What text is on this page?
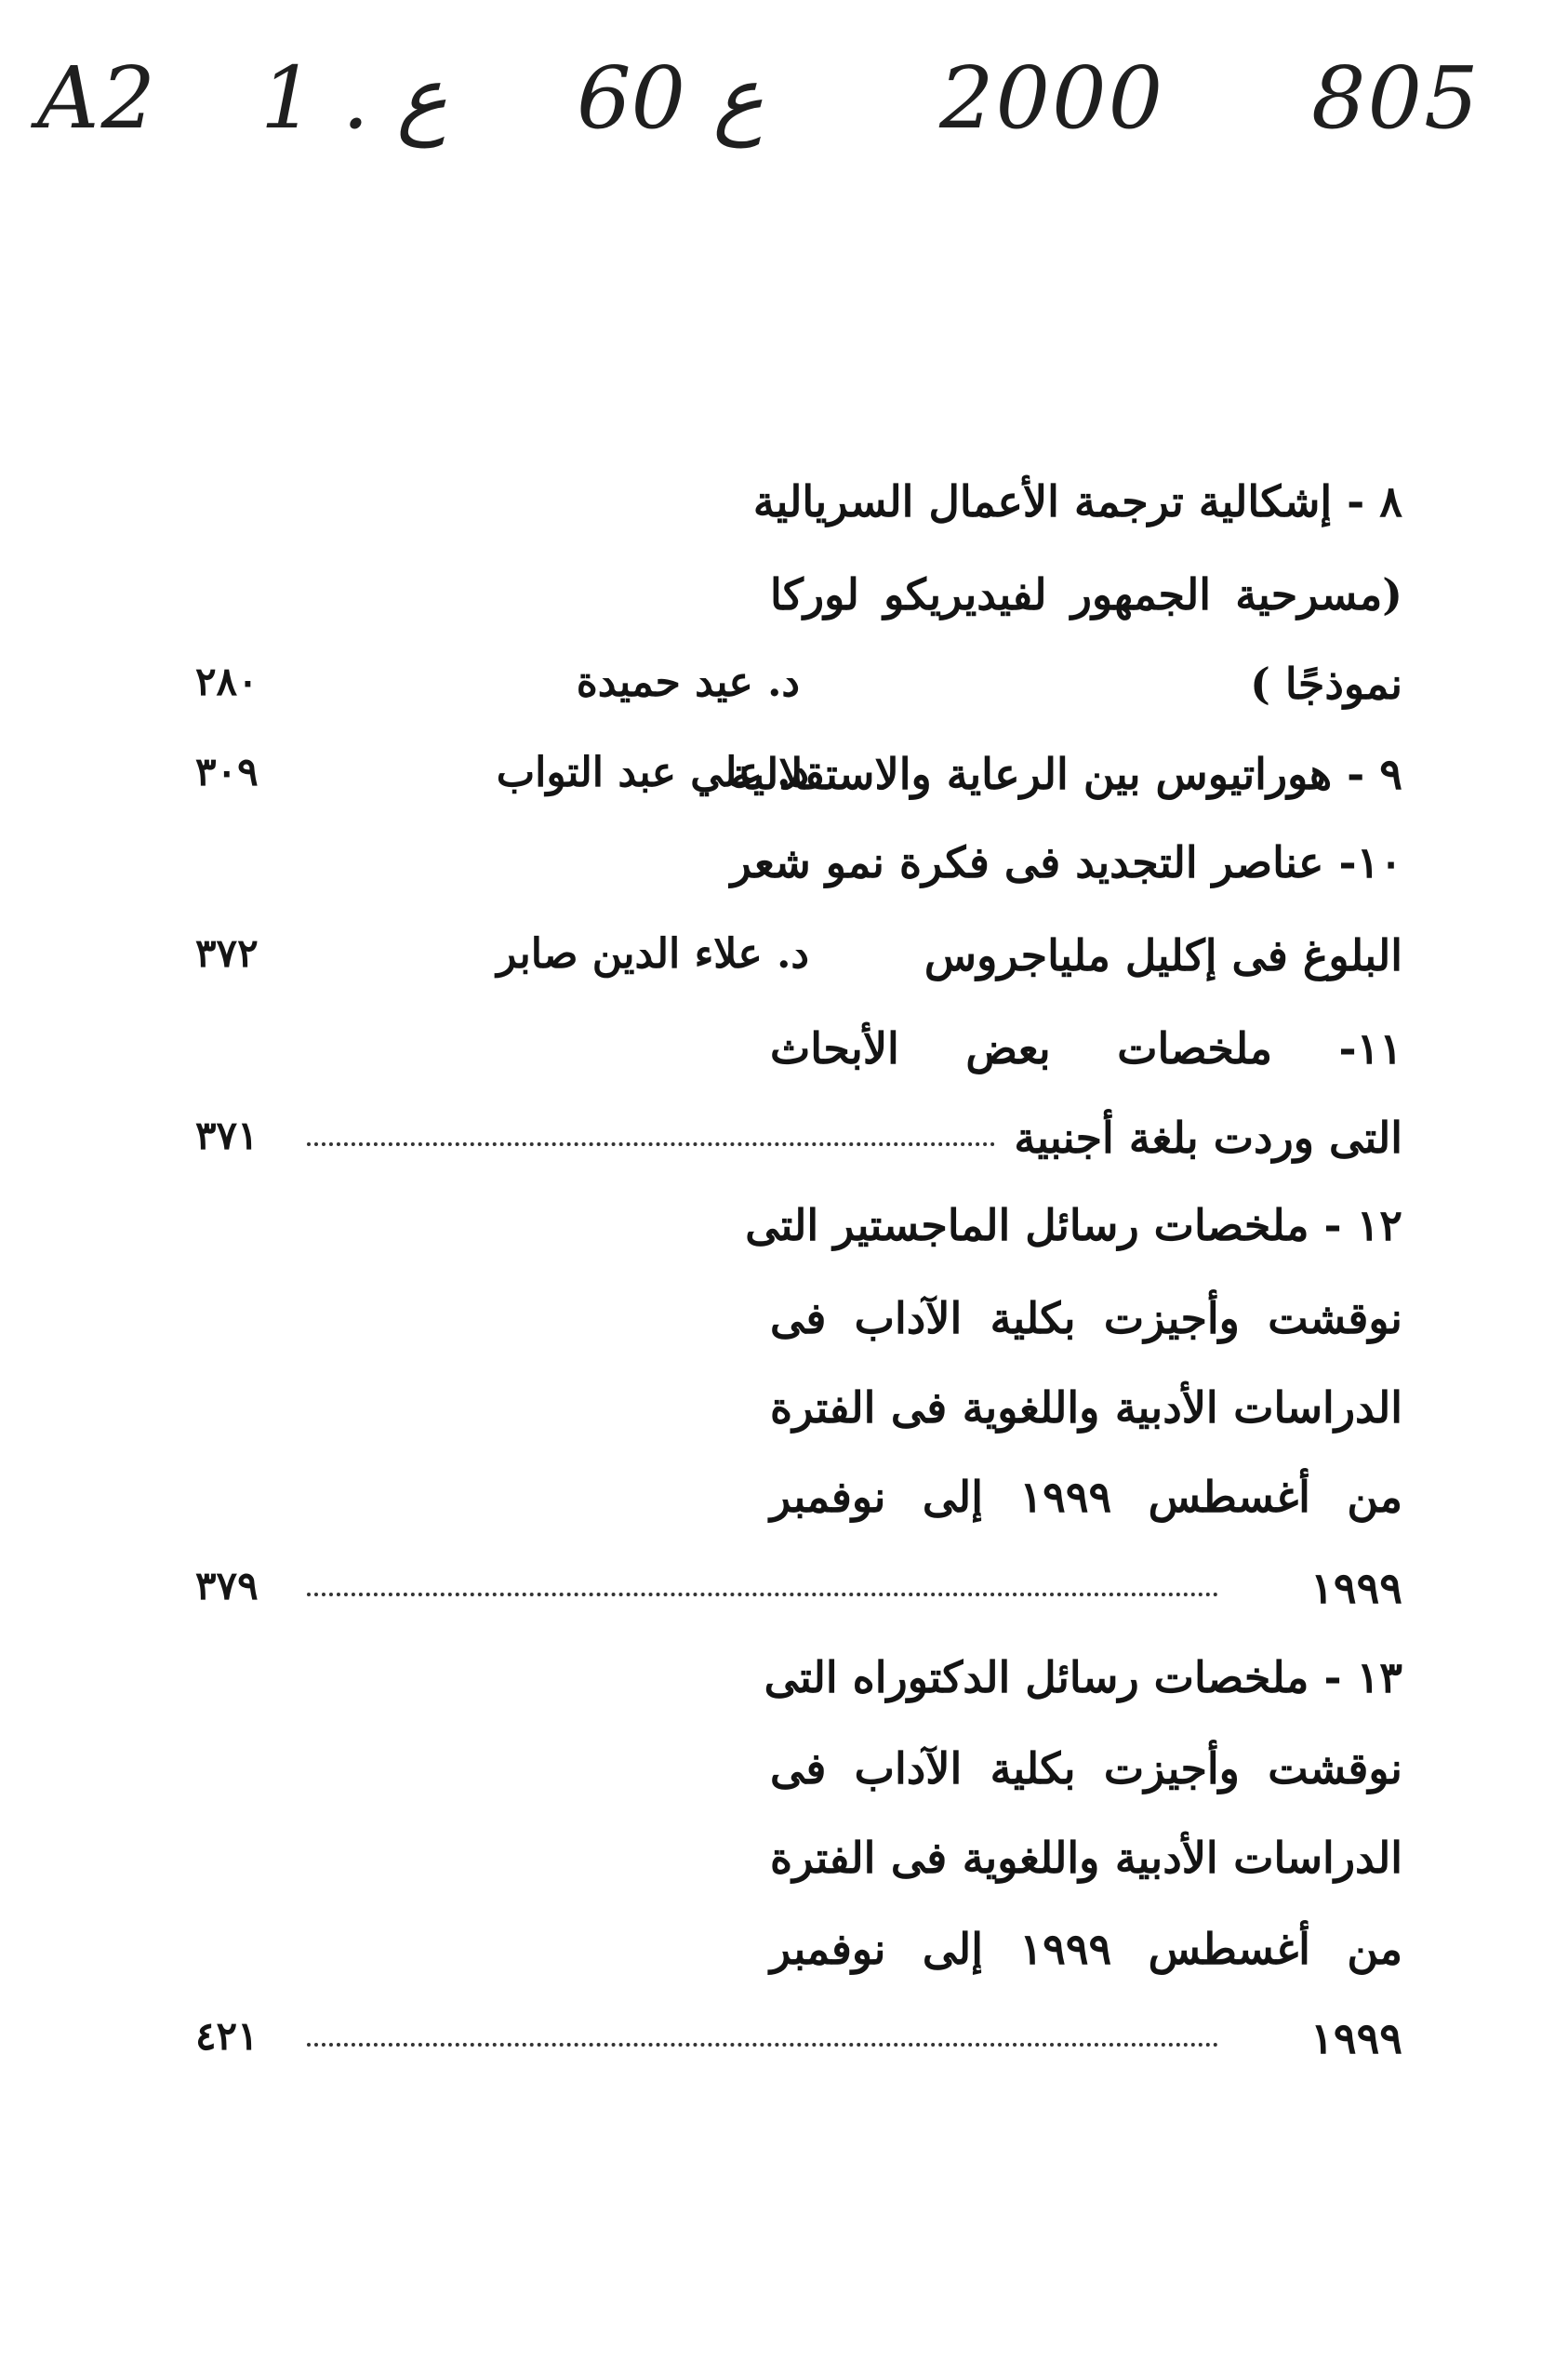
A2 1 . ع 60 ع 2000 805
٨ - إشكالية ترجمة الأعمال السريالية
(مسرحية الجمهور لفيديريكو لوركا
نموذجًا )
د. عيد حميدة
٢٨٠
٩ - هوراتيوس بين الرعاية والاستقلالية
د. علي عبد التواب
٣٠٩
١٠- عناصر التجديد فى فكرة نمو شعر
البلوغ فى إكليل ملياجروس
د. علاء الدين صابر
٣٧٢
١١- ملخصات بعض الأبحاث
التى وردت بلغة أجنبية
٣٧١
١٢ - ملخصات رسائل الماجستير التى
نوقشت وأجيزت بكلية الآداب فى
الدراسات الأدبية واللغوية فى الفترة
من أغسطس ١٩٩٩ إلى نوفمبر
١٩٩٩
٣٧٩
١٣ - ملخصات رسائل الدكتوراه التى
نوقشت وأجيزت بكلية الآداب فى
الدراسات الأدبية واللغوية فى الفترة
من أغسطس ١٩٩٩ إلى نوفمبر
١٩٩٩
٤٢١
